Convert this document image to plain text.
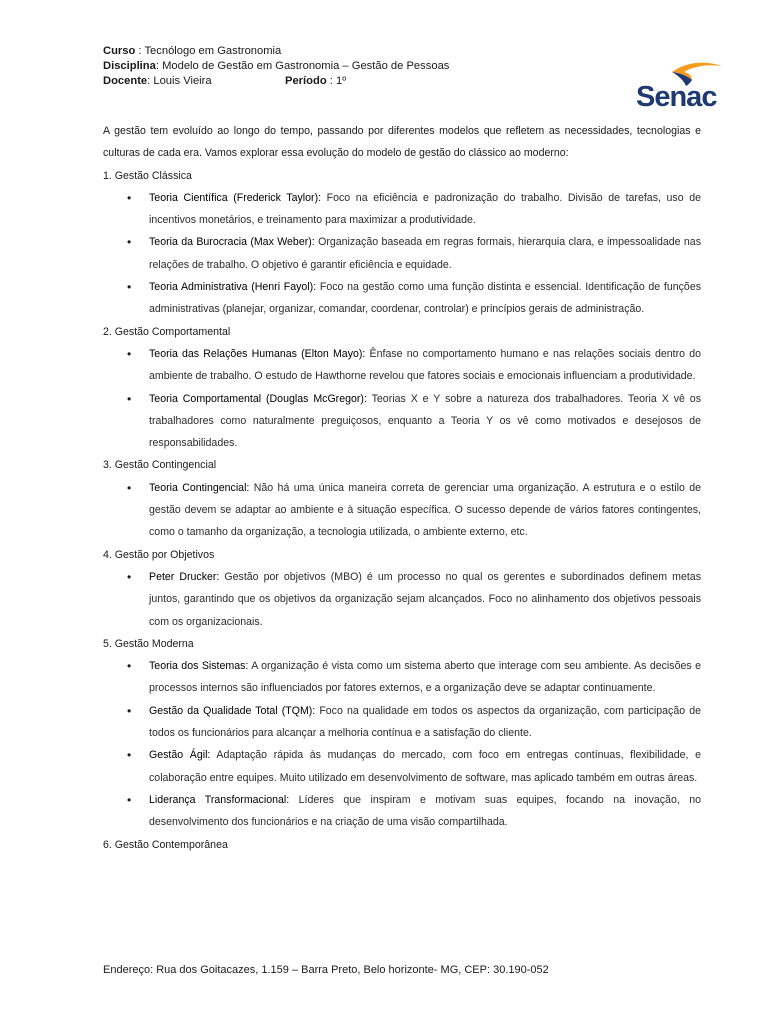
Curso : Tecnólogo em Gastronomia
Disciplina: Modelo de Gestão em Gastronomia – Gestão de Pessoas
Docente: Louis Vieira	Período : 1º	Senac

A gestão tem evoluído ao longo do tempo, passando por diferentes modelos que refletem as necessidades, tecnologias e culturas de cada era. Vamos explorar essa evolução do modelo de gestão do clássico ao moderno:

1. Gestão Clássica
• Teoria Científica (Frederick Taylor): Foco na eficiência e padronização do trabalho. Divisão de tarefas, uso de incentivos monetários, e treinamento para maximizar a produtividade.
• Teoria da Burocracia (Max Weber): Organização baseada em regras formais, hierarquia clara, e impessoalidade nas relações de trabalho. O objetivo é garantir eficiência e equidade.
• Teoria Administrativa (Henri Fayol): Foco na gestão como uma função distinta e essencial. Identificação de funções administrativas (planejar, organizar, comandar, coordenar, controlar) e princípios gerais de administração.
2. Gestão Comportamental
• Teoria das Relações Humanas (Elton Mayo): Ênfase no comportamento humano e nas relações sociais dentro do ambiente de trabalho. O estudo de Hawthorne revelou que fatores sociais e emocionais influenciam a produtividade.
• Teoria Comportamental (Douglas McGregor): Teorias X e Y sobre a natureza dos trabalhadores. Teoria X vê os trabalhadores como naturalmente preguiçosos, enquanto a Teoria Y os vê como motivados e desejosos de responsabilidades.
3. Gestão Contingencial
• Teoria Contingencial: Não há uma única maneira correta de gerenciar uma organização. A estrutura e o estilo de gestão devem se adaptar ao ambiente e à situação específica. O sucesso depende de vários fatores contingentes, como o tamanho da organização, a tecnologia utilizada, o ambiente externo, etc.
4. Gestão por Objetivos
• Peter Drucker: Gestão por objetivos (MBO) é um processo no qual os gerentes e subordinados definem metas juntos, garantindo que os objetivos da organização sejam alcançados. Foco no alinhamento dos objetivos pessoais com os organizacionais.
5. Gestão Moderna
• Teoria dos Sistemas: A organização é vista como um sistema aberto que interage com seu ambiente. As decisões e processos internos são influenciados por fatores externos, e a organização deve se adaptar continuamente.
• Gestão da Qualidade Total (TQM): Foco na qualidade em todos os aspectos da organização, com participação de todos os funcionários para alcançar a melhoria contínua e a satisfação do cliente.
• Gestão Ágil: Adaptação rápida às mudanças do mercado, com foco em entregas contínuas, flexibilidade, e colaboração entre equipes. Muito utilizado em desenvolvimento de software, mas aplicado também em outras áreas.
• Liderança Transformacional: Líderes que inspiram e motivam suas equipes, focando na inovação, no desenvolvimento dos funcionários e na criação de uma visão compartilhada.
6. Gestão Contemporânea
Endereço: Rua dos Goitacazes, 1.159 – Barra Preto, Belo horizonte- MG, CEP: 30.190-052
